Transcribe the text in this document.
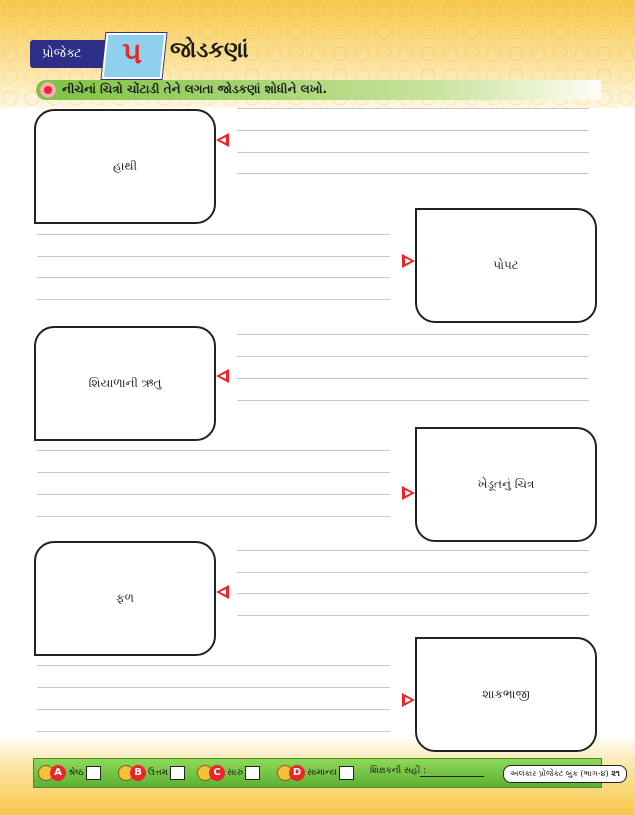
પ્રોજેક્ટ	૫	જોડકણાં
નીચેનાં ચિત્રો ચોંટાડી તેને લગતા જોડકણાં શોધીને લખો.
હાથી
પોપટ
શિયાળાની ઋતુ
ખેડૂતનું ચિત્ર
ફળ
શાકભાજી
A શ્રેષ્ઠ	B ઉત્તમ	C સારું	D સામાન્ય	શિક્ષકની સહી :	અલંકાર પ્રોજેક્ટ બુક (ભાગ-૪) ૨૧
